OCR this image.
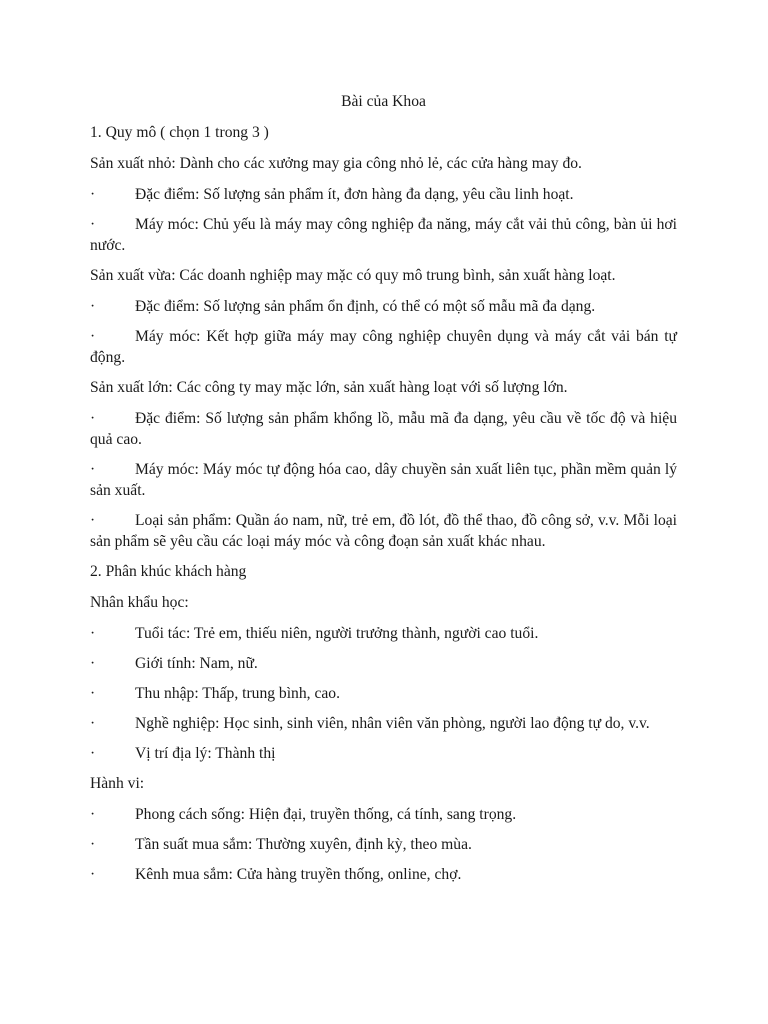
Bài của Khoa
1. Quy mô ( chọn 1 trong 3 )
Sản xuất nhỏ: Dành cho các xưởng may gia công nhỏ lẻ, các cửa hàng may đo.
·	Đặc điểm: Số lượng sản phẩm ít, đơn hàng đa dạng, yêu cầu linh hoạt.
·	Máy móc: Chủ yếu là máy may công nghiệp đa năng, máy cắt vải thủ công, bàn ủi hơi nước.
Sản xuất vừa: Các doanh nghiệp may mặc có quy mô trung bình, sản xuất hàng loạt.
·	Đặc điểm: Số lượng sản phẩm ổn định, có thể có một số mẫu mã đa dạng.
·	Máy móc: Kết hợp giữa máy may công nghiệp chuyên dụng và máy cắt vải bán tự động.
Sản xuất lớn: Các công ty may mặc lớn, sản xuất hàng loạt với số lượng lớn.
·	Đặc điểm: Số lượng sản phẩm khổng lồ, mẫu mã đa dạng, yêu cầu về tốc độ và hiệu quả cao.
·	Máy móc: Máy móc tự động hóa cao, dây chuyền sản xuất liên tục, phần mềm quản lý sản xuất.
·	Loại sản phẩm: Quần áo nam, nữ, trẻ em, đồ lót, đồ thể thao, đồ công sở, v.v. Mỗi loại sản phẩm sẽ yêu cầu các loại máy móc và công đoạn sản xuất khác nhau.
2. Phân khúc khách hàng
Nhân khẩu học:
·	Tuổi tác: Trẻ em, thiếu niên, người trưởng thành, người cao tuổi.
·	Giới tính: Nam, nữ.
·	Thu nhập: Thấp, trung bình, cao.
·	Nghề nghiệp: Học sinh, sinh viên, nhân viên văn phòng, người lao động tự do, v.v.
·	Vị trí địa lý: Thành thị
Hành vi:
·	Phong cách sống: Hiện đại, truyền thống, cá tính, sang trọng.
·	Tần suất mua sắm: Thường xuyên, định kỳ, theo mùa.
·	Kênh mua sắm: Cửa hàng truyền thống, online, chợ.
